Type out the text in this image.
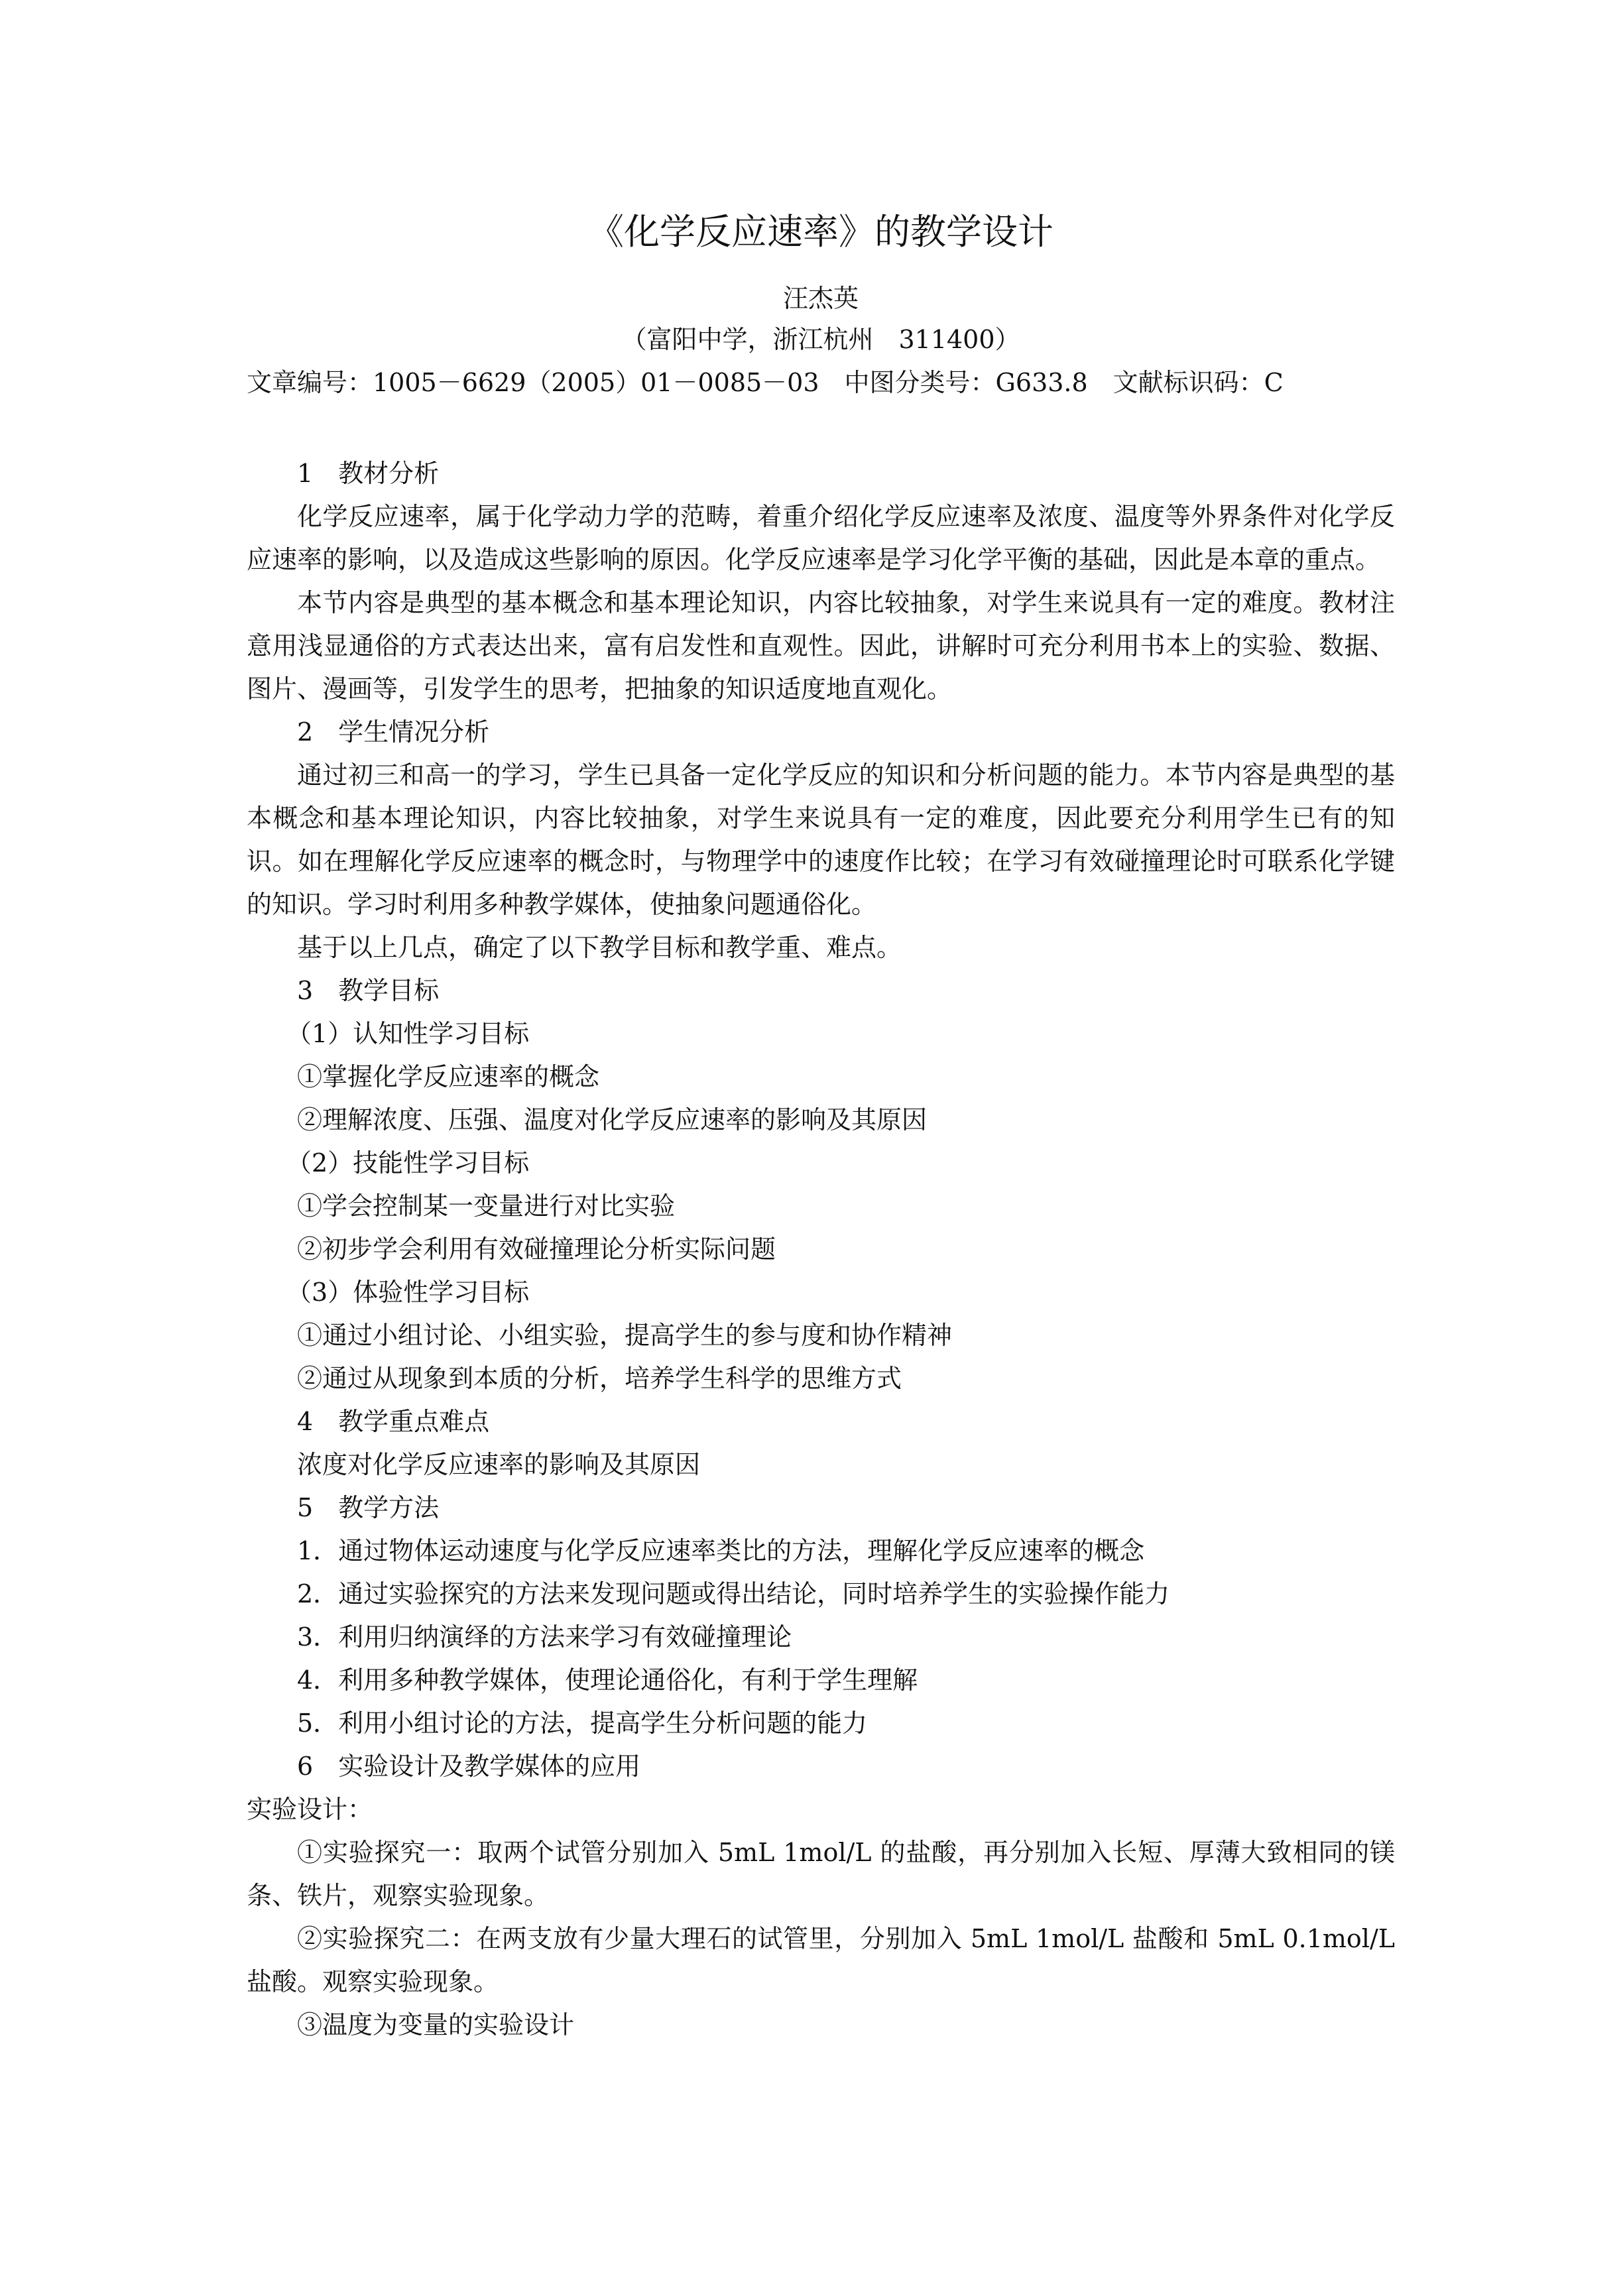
《化学反应速率》的教学设计
汪杰英
（富阳中学，浙江杭州　311400）
文章编号：1005－6629（2005）01－0085－03　中图分类号：G633.8　文献标识码：C

1　教材分析

化学反应速率，属于化学动力学的范畴，着重介绍化学反应速率及浓度、温度等外界条件对化学反应速率的影响，以及造成这些影响的原因。化学反应速率是学习化学平衡的基础，因此是本章的重点。

本节内容是典型的基本概念和基本理论知识，内容比较抽象，对学生来说具有一定的难度。教材注意用浅显通俗的方式表达出来，富有启发性和直观性。因此，讲解时可充分利用书本上的实验、数据、图片、漫画等，引发学生的思考，把抽象的知识适度地直观化。

2　学生情况分析

通过初三和高一的学习，学生已具备一定化学反应的知识和分析问题的能力。本节内容是典型的基本概念和基本理论知识，内容比较抽象，对学生来说具有一定的难度，因此要充分利用学生已有的知识。如在理解化学反应速率的概念时，与物理学中的速度作比较；在学习有效碰撞理论时可联系化学键的知识。学习时利用多种教学媒体，使抽象问题通俗化。

基于以上几点，确定了以下教学目标和教学重、难点。

3　教学目标

（1）认知性学习目标

①掌握化学反应速率的概念

②理解浓度、压强、温度对化学反应速率的影响及其原因

（2）技能性学习目标

①学会控制某一变量进行对比实验

②初步学会利用有效碰撞理论分析实际问题

（3）体验性学习目标

①通过小组讨论、小组实验，提高学生的参与度和协作精神

②通过从现象到本质的分析，培养学生科学的思维方式

4　教学重点难点

浓度对化学反应速率的影响及其原因

5　教学方法

1．通过物体运动速度与化学反应速率类比的方法，理解化学反应速率的概念

2．通过实验探究的方法来发现问题或得出结论，同时培养学生的实验操作能力

3．利用归纳演绎的方法来学习有效碰撞理论

4．利用多种教学媒体，使理论通俗化，有利于学生理解

5．利用小组讨论的方法，提高学生分析问题的能力

6　实验设计及教学媒体的应用

实验设计：

①实验探究一：取两个试管分别加入 5mL 1mol/L 的盐酸，再分别加入长短、厚薄大致相同的镁条、铁片，观察实验现象。

②实验探究二：在两支放有少量大理石的试管里，分别加入 5mL 1mol/L 盐酸和 5mL 0.1mol/L 盐酸。观察实验现象。

③温度为变量的实验设计
